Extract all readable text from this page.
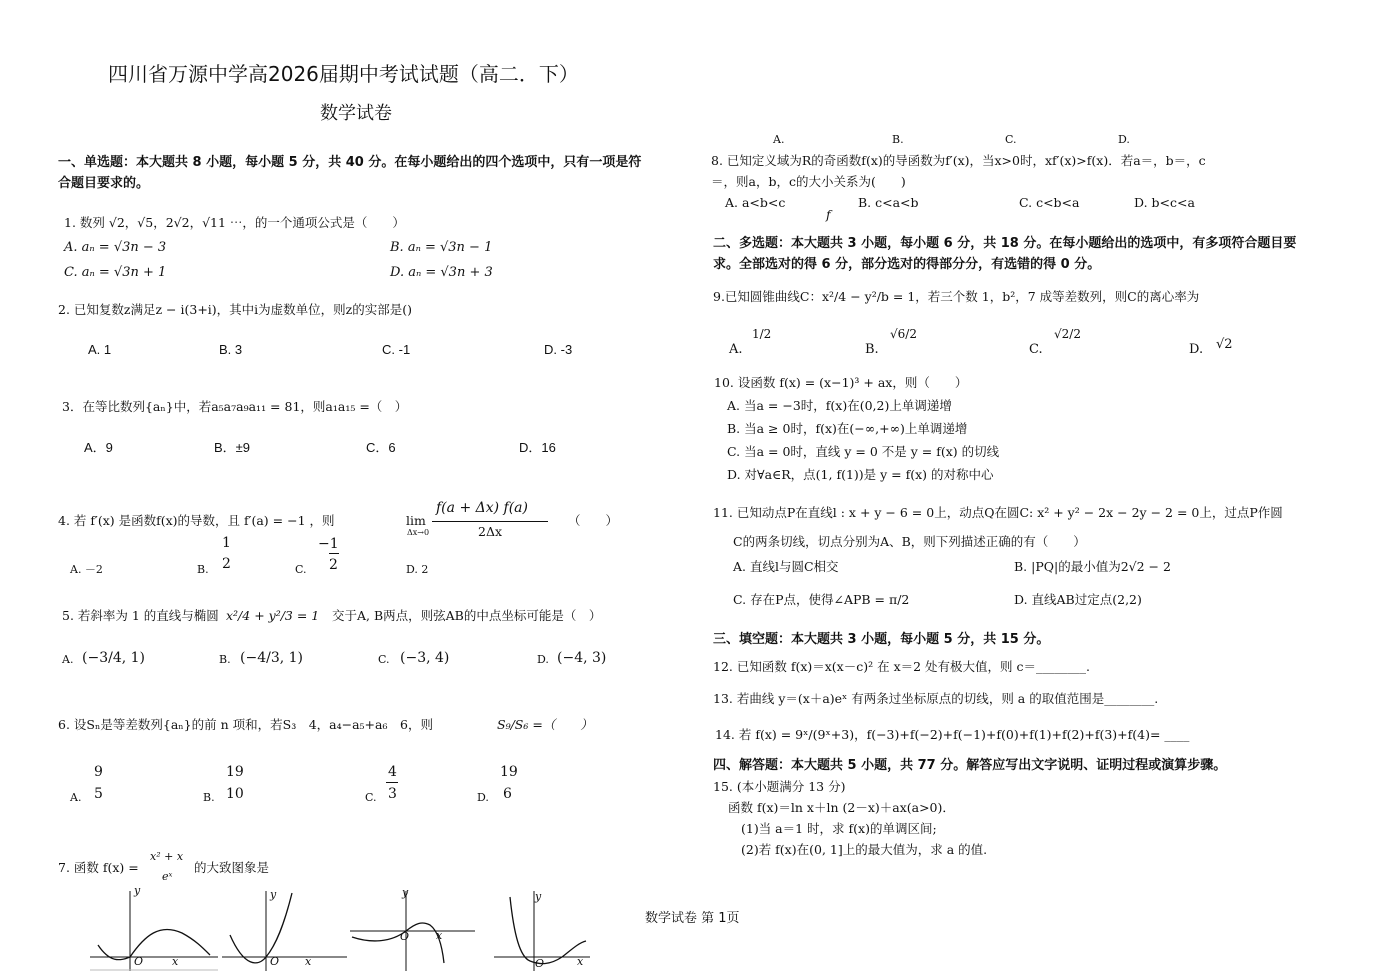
四川省万源中学高2026届期中考试试题（高二．下）
数学试卷
一、单选题：本大题共 8 小题，每小题 5 分，共 40 分。在每小题给出的四个选项中，只有一项是符
合题目要求的。
1. 数列 √2，√5，2√2，√11 ⋯，的一个通项公式是（　　）
A. aₙ = √3n − 3	B. aₙ = √3n − 1
C. aₙ = √3n + 1	D. aₙ = √3n + 3
2. 已知复数z满足z − i(3+i)，其中i为虚数单位，则z的实部是()
A. 1	B. 3	C. -1	D. -3
3．在等比数列{aₙ}中，若a₅a₇a₉a₁₁ = 81，则a₁a₁₅ =（　）
A．9	B．±9	C．6	D．16
4. 若 f′(x) 是函数f(x)的导数，且 f′(a) = −1 ，则	lim
Δx→0
f(a + Δx) f(a)
2Δx
（　　）
A. －2	B.
1
2	C.
−1
2	D. 2
5. 若斜率为 1 的直线与椭圆 x²/4 + y²/3 = 1 交于A, B两点，则弦AB的中点坐标可能是（　）
A. (−3/4, 1)	B. (−4/3, 1)	C. (−3, 4)	D. (−4, 3)
6. 设Sₙ是等差数列{aₙ}的前 n 项和，若S₃　4，a₄−a₅+a₆　6，则	S₉/S₆ =（　　）
A.
9
5	B.
19
10	C.
4
3	D.
19
6
7. 函数 f(x) =
x² + x
eˣ
的大致图象是
y
O	x
y
O x
y
O x
y
O	x
A.	B.	C.	D.
8. 已知定义域为R的奇函数f(x)的导函数为f′(x)，当x>0时，xf′(x)>f(x)．若a＝，b＝，c
＝，则a，b，c的大小关系为(　　)
A. a<b<c	B. c<a<b	C. c<b<a	D. b<c<a
f
二、多选题：本大题共 3 小题，每小题 6 分，共 18 分。在每小题给出的选项中，有多项符合题目要
求。全部选对的得 6 分，部分选对的得部分分，有选错的得 0 分。
9.已知圆锥曲线C：x²/4 − y²/b = 1，若三个数 1，b²，7 成等差数列，则C的离心率为
A.
1/2
B.
√6/2
C.
√2/2
D. √2
10. 设函数 f(x) = (x−1)³ + ax，则（　　）
A. 当a = −3时，f(x)在(0,2)上单调递增
B. 当a ≥ 0时，f(x)在(−∞,+∞)上单调递增
C. 当a = 0时，直线 y = 0 不是 y = f(x) 的切线
D. 对∀a∈R，点(1, f(1))是 y = f(x) 的对称中心
11. 已知动点P在直线l : x + y − 6 = 0上，动点Q在圆C: x² + y² − 2x − 2y − 2 = 0上，过点P作圆
C的两条切线，切点分别为A、B，则下列描述正确的有（　　）
A. 直线l与圆C相交	B. |PQ|的最小值为2√2 − 2
C. 存在P点，使得∠APB = π/2	D. 直线AB过定点(2,2)
三、填空题：本大题共 3 小题，每小题 5 分，共 15 分。
12. 已知函数 f(x)＝x(x－c)² 在 x＝2 处有极大值，则 c＝________.
13. 若曲线 y＝(x＋a)eˣ 有两条过坐标原点的切线，则 a 的取值范围是________.
14. 若 f(x) = 9ˣ/(9ˣ+3)，f(−3)+f(−2)+f(−1)+f(0)+f(1)+f(2)+f(3)+f(4)= ____
四、解答题：本大题共 5 小题，共 77 分。解答应写出文字说明、证明过程或演算步骤。
15. (本小题满分 13 分)
函数 f(x)＝ln x＋ln (2－x)＋ax(a>0)．
(1)当 a＝1 时，求 f(x)的单调区间;
(2)若 f(x)在(0, 1]上的最大值为，求 a 的值.
数学试卷 第 1页
